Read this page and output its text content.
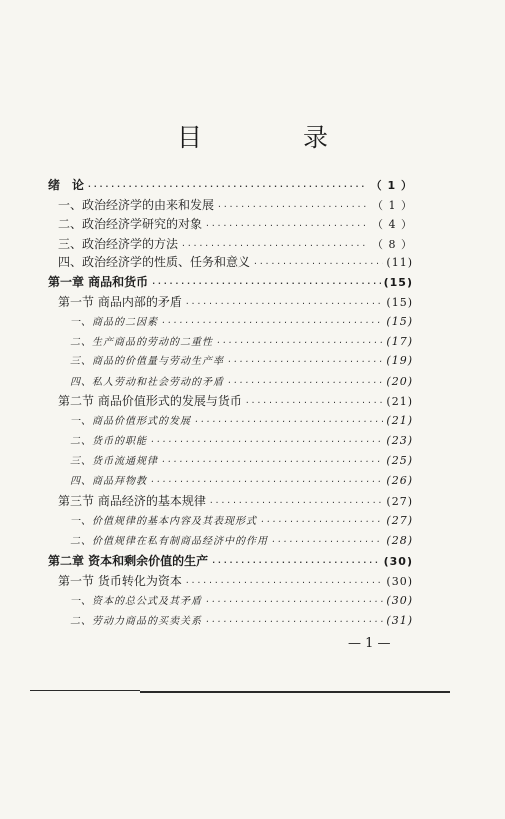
目　录
绪　论 ·····	（ 1 ）
一、政治经济学的由来和发展 ·····	（ 1 ）
二、政治经济学研究的对象 ·····	（ 4 ）
三、政治经济学的方法 ·····	（ 8 ）
四、政治经济学的性质、任务和意义 ·····	(11)
第一章 商品和货币 ·····	(15)
第一节 商品内部的矛盾 ·····	(15)
一、商品的二因素 ·····	(15)
二、生产商品的劳动的二重性 ·····	(17)
三、商品的价值量与劳动生产率 ·····	(19)
四、私人劳动和社会劳动的矛盾 ·····	(20)
第二节 商品价值形式的发展与货币 ·····	(21)
一、商品价值形式的发展 ·····	(21)
二、货币的职能 ·····	(23)
三、货币流通规律 ·····	(25)
四、商品拜物教 ·····	(26)
第三节 商品经济的基本规律 ·····	(27)
一、价值规律的基本内容及其表现形式 ·····	(27)
二、价值规律在私有制商品经济中的作用 ·····	(28)
第二章 资本和剩余价值的生产 ·····	(30)
第一节 货币转化为资本 ·····	(30)
一、资本的总公式及其矛盾 ·····	(30)
二、劳动力商品的买卖关系 ·····	(31)
— 1 —
